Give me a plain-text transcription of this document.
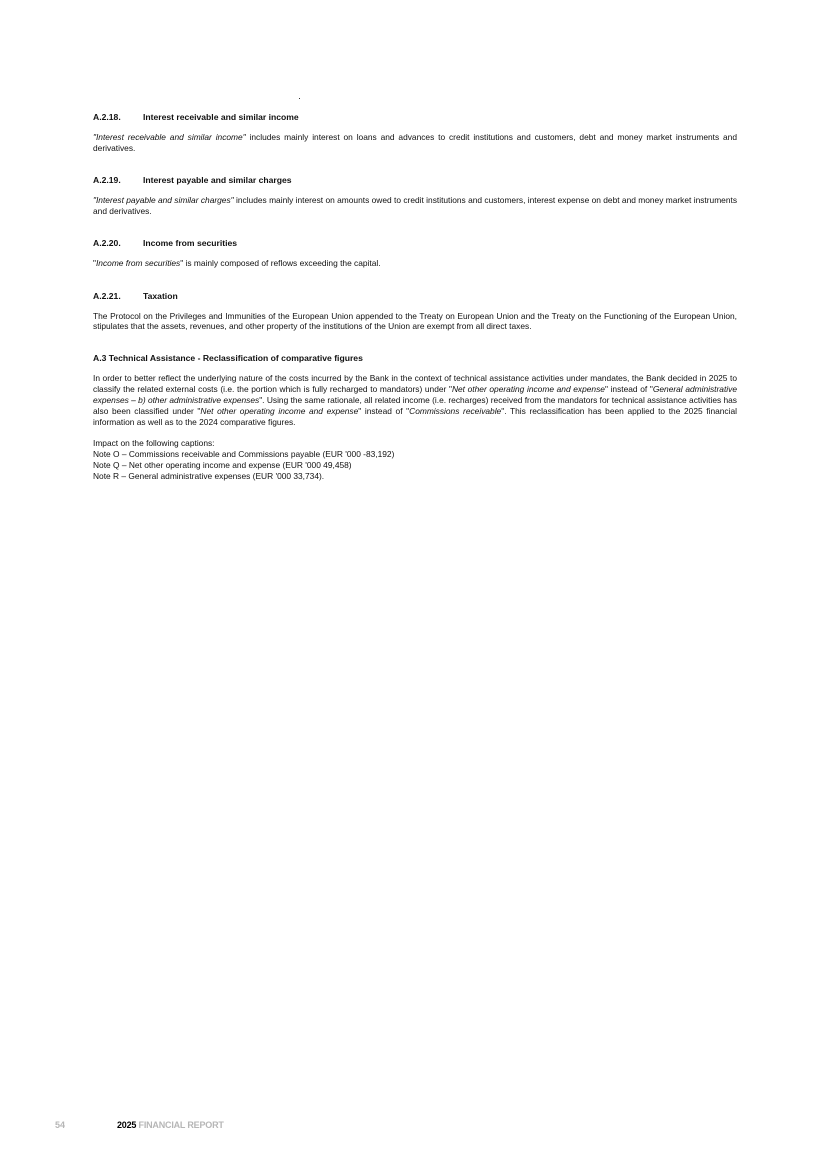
A.2.18.	Interest receivable and similar income

"Interest receivable and similar income" includes mainly interest on loans and advances to credit institutions and customers, debt and money market instruments and derivatives.

A.2.19.	Interest payable and similar charges

"Interest payable and similar charges" includes mainly interest on amounts owed to credit institutions and customers, interest expense on debt and money market instruments and derivatives.

A.2.20.	Income from securities

"Income from securities" is mainly composed of reflows exceeding the capital.

A.2.21.	Taxation

The Protocol on the Privileges and Immunities of the European Union appended to the Treaty on European Union and the Treaty on the Functioning of the European Union, stipulates that the assets, revenues, and other property of the institutions of the Union are exempt from all direct taxes.

A.3 Technical Assistance - Reclassification of comparative figures

In order to better reflect the underlying nature of the costs incurred by the Bank in the context of technical assistance activities under mandates, the Bank decided in 2025 to classify the related external costs (i.e. the portion which is fully recharged to mandators) under "Net other operating income and expense" instead of "General administrative expenses – b) other administrative expenses". Using the same rationale, all related income (i.e. recharges) received from the mandators for technical assistance activities has also been classified under "Net other operating income and expense" instead of "Commissions receivable". This reclassification has been applied to the 2025 financial information as well as to the 2024 comparative figures.

Impact on the following captions:
Note O – Commissions receivable and Commissions payable (EUR '000 -83,192)
Note Q – Net other operating income and expense (EUR '000 49,458)
Note R – General administrative expenses (EUR '000 33,734).
54	2025 FINANCIAL REPORT
